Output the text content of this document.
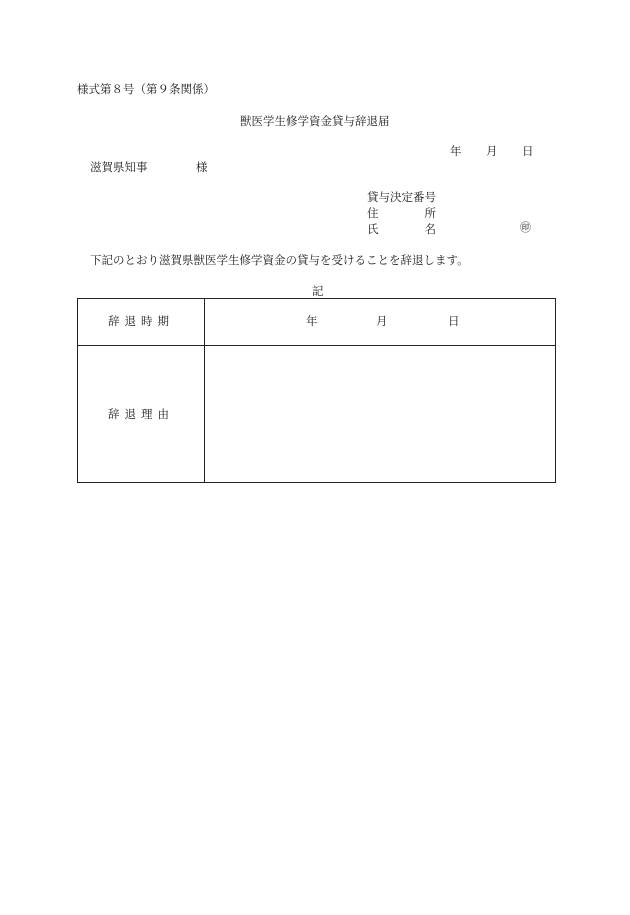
様式第８号（第９条関係）
獣医学生修学資金貸与辞退届
年 月 日
滋賀県知事	様
貸与決定番号
住	所
氏	名	㊞
下記のとおり滋賀県獣医学生修学資金の貸与を受けることを辞退します。
記
辞退時期	年	月	日
辞退理由
